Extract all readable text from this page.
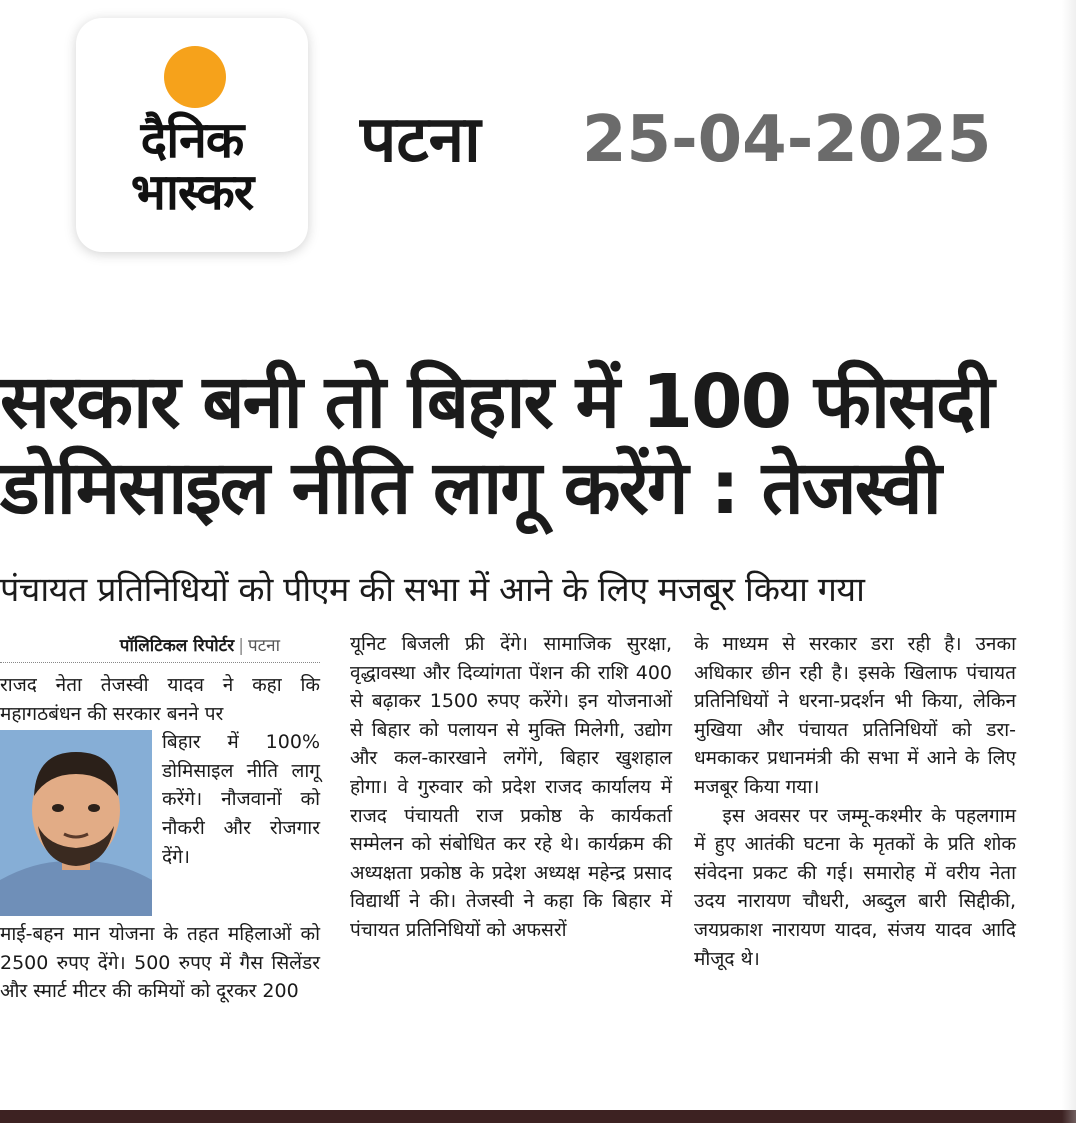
दैनिक
भास्कर
पटना 25-04-2025
सरकार बनी तो बिहार में 100 फीसदी
डोमिसाइल नीति लागू करेंगे : तेजस्वी
पंचायत प्रतिनिधियों को पीएम की सभा में आने के लिए मजबूर किया गया
पॉलिटिकल रिपोर्टर | पटना

राजद नेता तेजस्वी यादव ने कहा कि महागठबंधन की सरकार बनने पर

बिहार में 100% डोमिसाइल नीति लागू करेंगे। नौजवानों को नौकरी और रोजगार देंगे।

माई-बहन मान योजना के तहत महिलाओं को 2500 रुपए देंगे। 500 रुपए में गैस सिलेंडर और स्मार्ट मीटर की कमियों को दूरकर 200

यूनिट बिजली फ्री देंगे। सामाजिक सुरक्षा, वृद्धावस्था और दिव्यांगता पेंशन की राशि 400 से बढ़ाकर 1500 रुपए करेंगे। इन योजनाओं से बिहार को पलायन से मुक्ति मिलेगी, उद्योग और कल-कारखाने लगेंगे, बिहार खुशहाल होगा। वे गुरुवार को प्रदेश राजद कार्यालय में राजद पंचायती राज प्रकोष्ठ के कार्यकर्ता सम्मेलन को संबोधित कर रहे थे। कार्यक्रम की अध्यक्षता प्रकोष्ठ के प्रदेश अध्यक्ष महेन्द्र प्रसाद विद्यार्थी ने की। तेजस्वी ने कहा कि बिहार में पंचायत प्रतिनिधियों को अफसरों

के माध्यम से सरकार डरा रही है। उनका अधिकार छीन रही है। इसके खिलाफ पंचायत प्रतिनिधियों ने धरना-प्रदर्शन भी किया, लेकिन मुखिया और पंचायत प्रतिनिधियों को डरा-धमकाकर प्रधानमंत्री की सभा में आने के लिए मजबूर किया गया।

इस अवसर पर जम्मू-कश्मीर के पहलगाम में हुए आतंकी घटना के मृतकों के प्रति शोक संवेदना प्रकट की गई। समारोह में वरीय नेता उदय नारायण चौधरी, अब्दुल बारी सिद्दीकी, जयप्रकाश नारायण यादव, संजय यादव आदि मौजूद थे।
